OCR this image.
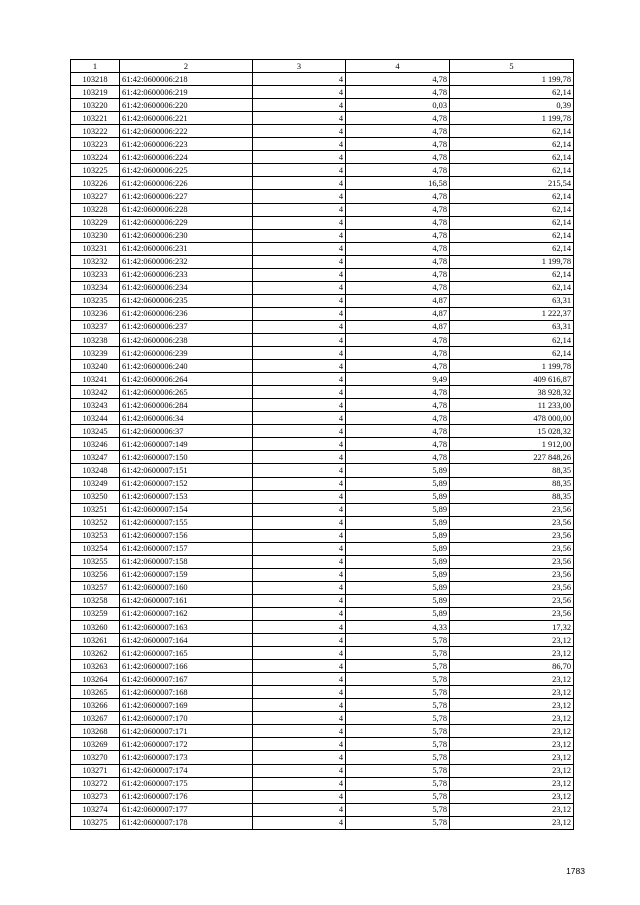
1	2	3	4	5
103218	61:42:0600006:218	4	4,78	1 199,78
103219	61:42:0600006:219	4	4,78	62,14
103220	61:42:0600006:220	4	0,03	0,39
103221	61:42:0600006:221	4	4,78	1 199,78
103222	61:42:0600006:222	4	4,78	62,14
103223	61:42:0600006:223	4	4,78	62,14
103224	61:42:0600006:224	4	4,78	62,14
103225	61:42:0600006:225	4	4,78	62,14
103226	61:42:0600006:226	4	16,58	215,54
103227	61:42:0600006:227	4	4,78	62,14
103228	61:42:0600006:228	4	4,78	62,14
103229	61:42:0600006:229	4	4,78	62,14
103230	61:42:0600006:230	4	4,78	62,14
103231	61:42:0600006:231	4	4,78	62,14
103232	61:42:0600006:232	4	4,78	1 199,78
103233	61:42:0600006:233	4	4,78	62,14
103234	61:42:0600006:234	4	4,78	62,14
103235	61:42:0600006:235	4	4,87	63,31
103236	61:42:0600006:236	4	4,87	1 222,37
103237	61:42:0600006:237	4	4,87	63,31
103238	61:42:0600006:238	4	4,78	62,14
103239	61:42:0600006:239	4	4,78	62,14
103240	61:42:0600006:240	4	4,78	1 199,78
103241	61:42:0600006:264	4	9,49	409 616,87
103242	61:42:0600006:265	4	4,78	38 928,32
103243	61:42:0600006:284	4	4,78	11 233,00
103244	61:42:0600006:34	4	4,78	478 000,00
103245	61:42:0600006:37	4	4,78	15 028,32
103246	61:42:0600007:149	4	4,78	1 912,00
103247	61:42:0600007:150	4	4,78	227 848,26
103248	61:42:0600007:151	4	5,89	88,35
103249	61:42:0600007:152	4	5,89	88,35
103250	61:42:0600007:153	4	5,89	88,35
103251	61:42:0600007:154	4	5,89	23,56
103252	61:42:0600007:155	4	5,89	23,56
103253	61:42:0600007:156	4	5,89	23,56
103254	61:42:0600007:157	4	5,89	23,56
103255	61:42:0600007:158	4	5,89	23,56
103256	61:42:0600007:159	4	5,89	23,56
103257	61:42:0600007:160	4	5,89	23,56
103258	61:42:0600007:161	4	5,89	23,56
103259	61:42:0600007:162	4	5,89	23,56
103260	61:42:0600007:163	4	4,33	17,32
103261	61:42:0600007:164	4	5,78	23,12
103262	61:42:0600007:165	4	5,78	23,12
103263	61:42:0600007:166	4	5,78	86,70
103264	61:42:0600007:167	4	5,78	23,12
103265	61:42:0600007:168	4	5,78	23,12
103266	61:42:0600007:169	4	5,78	23,12
103267	61:42:0600007:170	4	5,78	23,12
103268	61:42:0600007:171	4	5,78	23,12
103269	61:42:0600007:172	4	5,78	23,12
103270	61:42:0600007:173	4	5,78	23,12
103271	61:42:0600007:174	4	5,78	23,12
103272	61:42:0600007:175	4	5,78	23,12
103273	61:42:0600007:176	4	5,78	23,12
103274	61:42:0600007:177	4	5,78	23,12
103275	61:42:0600007:178	4	5,78	23,12
1783
